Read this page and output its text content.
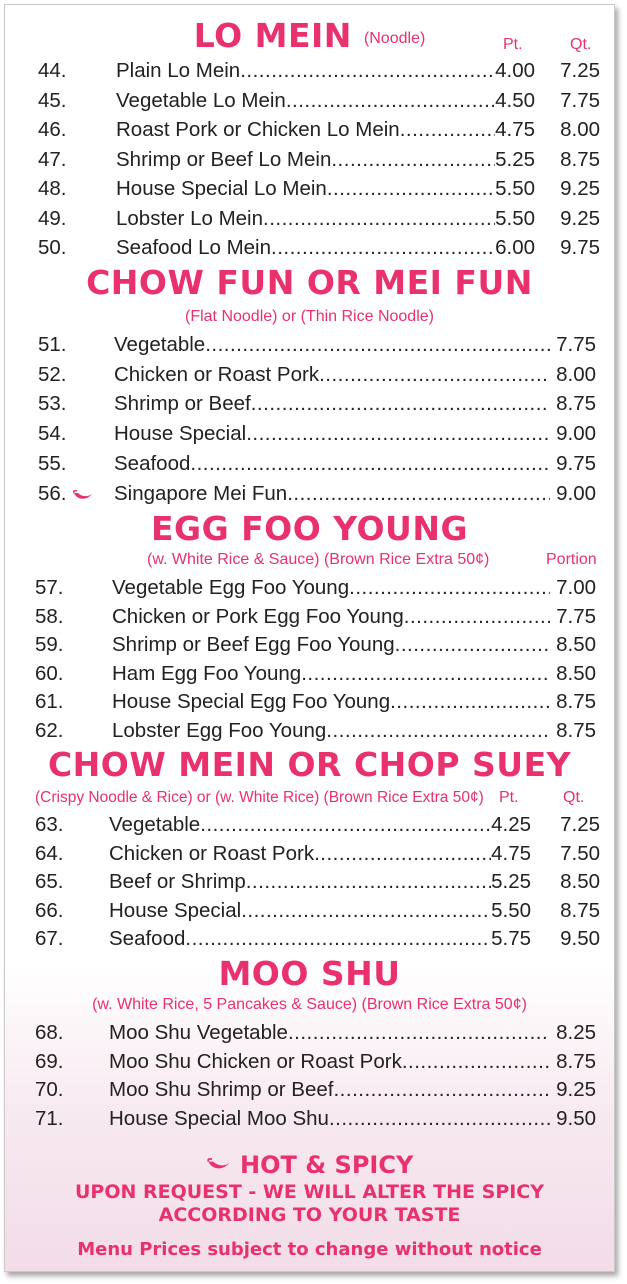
LO MEIN (Noodle)	Pt.	Qt.
CHOW FUN OR MEI FUN
(Flat Noodle) or (Thin Rice Noodle)
EGG FOO YOUNG
(w. White Rice & Sauce) (Brown Rice Extra 50¢)	Portion
CHOW MEIN OR CHOP SUEY
(Crispy Noodle & Rice) or (w. White Rice) (Brown Rice Extra 50¢) Pt.	Qt.
MOO SHU
(w. White Rice, 5 Pancakes & Sauce) (Brown Rice Extra 50¢)
HOT & SPICY
UPON REQUEST - WE WILL ALTER THE SPICY
ACCORDING TO YOUR TASTE
Menu Prices subject to change without notice
44. Plain Lo Mein .....	4.00 7.25
45. Vegetable Lo Mein .....	4.50 7.75
46. Roast Pork or Chicken Lo Mein .....	4.75 8.00
47. Shrimp or Beef Lo Mein .....	5.25 8.75
48. House Special Lo Mein .....	5.50 9.25
49. Lobster Lo Mein .....	5.50 9.25
50. Seafood Lo Mein .....	6.00 9.75
51. Vegetable .....	7.75
52. Chicken or Roast Pork .....	8.00
53. Shrimp or Beef .....	8.75
54. House Special .....	9.00
55. Seafood .....	9.75
56. Singapore Mei Fun .....	9.00
57. Vegetable Egg Foo Young .....	7.00
58. Chicken or Pork Egg Foo Young .....	7.75
59. Shrimp or Beef Egg Foo Young .....	8.50
60. Ham Egg Foo Young .....	8.50
61. House Special Egg Foo Young .....	8.75
62. Lobster Egg Foo Young .....	8.75
63. Vegetable .....	4.25 7.25
64. Chicken or Roast Pork .....	4.75 7.50
65. Beef or Shrimp .....	5.25 8.50
66. House Special .....	5.50 8.75
67. Seafood .....	5.75 9.50
68. Moo Shu Vegetable .....	8.25
69. Moo Shu Chicken or Roast Pork .....	8.75
70. Moo Shu Shrimp or Beef .....	9.25
71. House Special Moo Shu .....	9.50
